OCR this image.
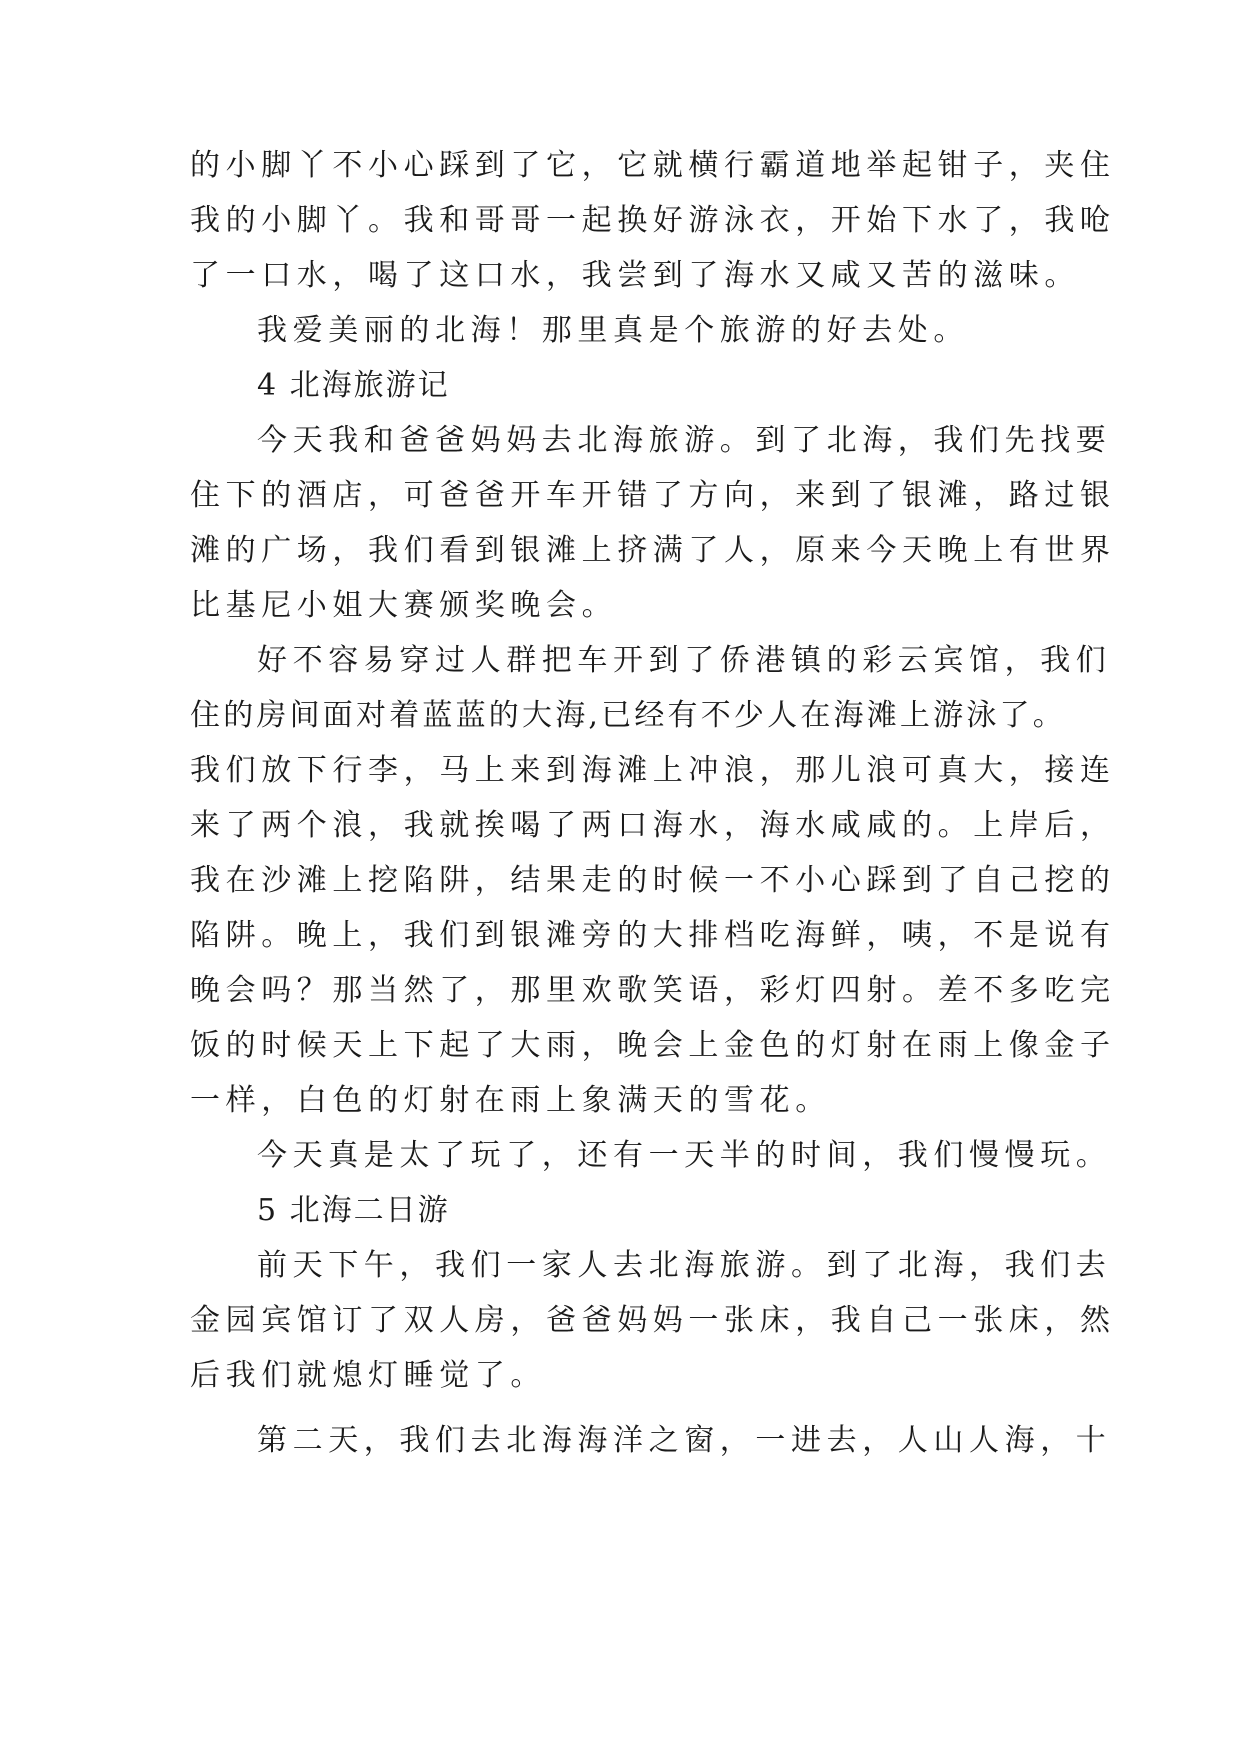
的小脚丫不小心踩到了它，它就横行霸道地举起钳子，夹住
我的小脚丫。我和哥哥一起换好游泳衣，开始下水了，我呛
了一口水，喝了这口水，我尝到了海水又咸又苦的滋味。
我爱美丽的北海！那里真是个旅游的好去处。
4 北海旅游记
今天我和爸爸妈妈去北海旅游。到了北海，我们先找要
住下的酒店，可爸爸开车开错了方向，来到了银滩，路过银
滩的广场，我们看到银滩上挤满了人，原来今天晚上有世界
比基尼小姐大赛颁奖晚会。
好不容易穿过人群把车开到了侨港镇的彩云宾馆，我们
住的房间面对着蓝蓝的大海,已经有不少人在海滩上游泳了。
我们放下行李，马上来到海滩上冲浪，那儿浪可真大，接连
来了两个浪，我就挨喝了两口海水，海水咸咸的。上岸后，
我在沙滩上挖陷阱，结果走的时候一不小心踩到了自己挖的
陷阱。晚上，我们到银滩旁的大排档吃海鲜，咦，不是说有
晚会吗？那当然了，那里欢歌笑语，彩灯四射。差不多吃完
饭的时候天上下起了大雨，晚会上金色的灯射在雨上像金子
一样，白色的灯射在雨上象满天的雪花。
今天真是太了玩了，还有一天半的时间，我们慢慢玩。
5 北海二日游
前天下午，我们一家人去北海旅游。到了北海，我们去
金园宾馆订了双人房，爸爸妈妈一张床，我自己一张床，然
后我们就熄灯睡觉了。
第二天，我们去北海海洋之窗，一进去，人山人海，十
